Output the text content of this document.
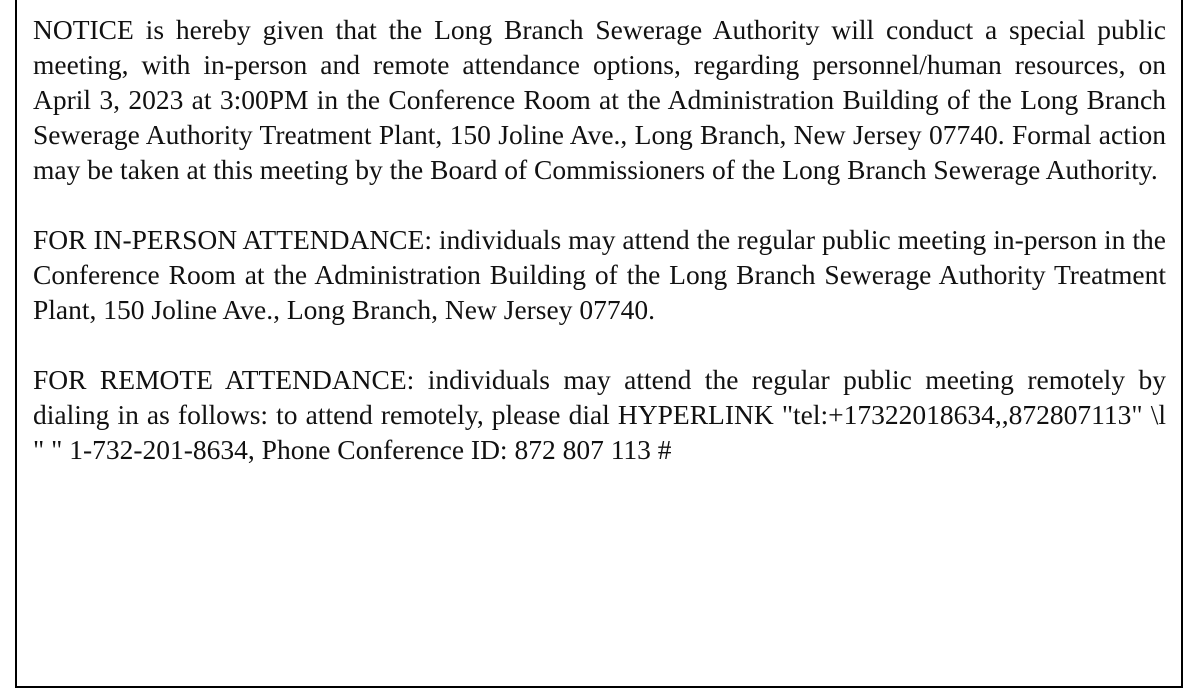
NOTICE is hereby given that the Long Branch Sewerage Authority will conduct a special public meeting, with in-person and remote attendance options, regarding personnel/human resources, on April 3, 2023 at 3:00PM in the Conference Room at the Administration Building of the Long Branch Sewerage Authority Treatment Plant, 150 Joline Ave., Long Branch, New Jersey 07740. Formal action may be taken at this meeting by the Board of Commissioners of the Long Branch Sewerage Authority.

FOR IN-PERSON ATTENDANCE: individuals may attend the regular public meeting in-person in the Conference Room at the Administration Building of the Long Branch Sewerage Authority Treatment Plant, 150 Joline Ave., Long Branch, New Jersey 07740.

FOR REMOTE ATTENDANCE: individuals may attend the regular public meeting remotely by dialing in as follows: to attend remotely, please dial HYPERLINK "tel:+17322018634,,872807113" \l " " 1-732-201-8634, Phone Conference ID: 872 807 113 #
